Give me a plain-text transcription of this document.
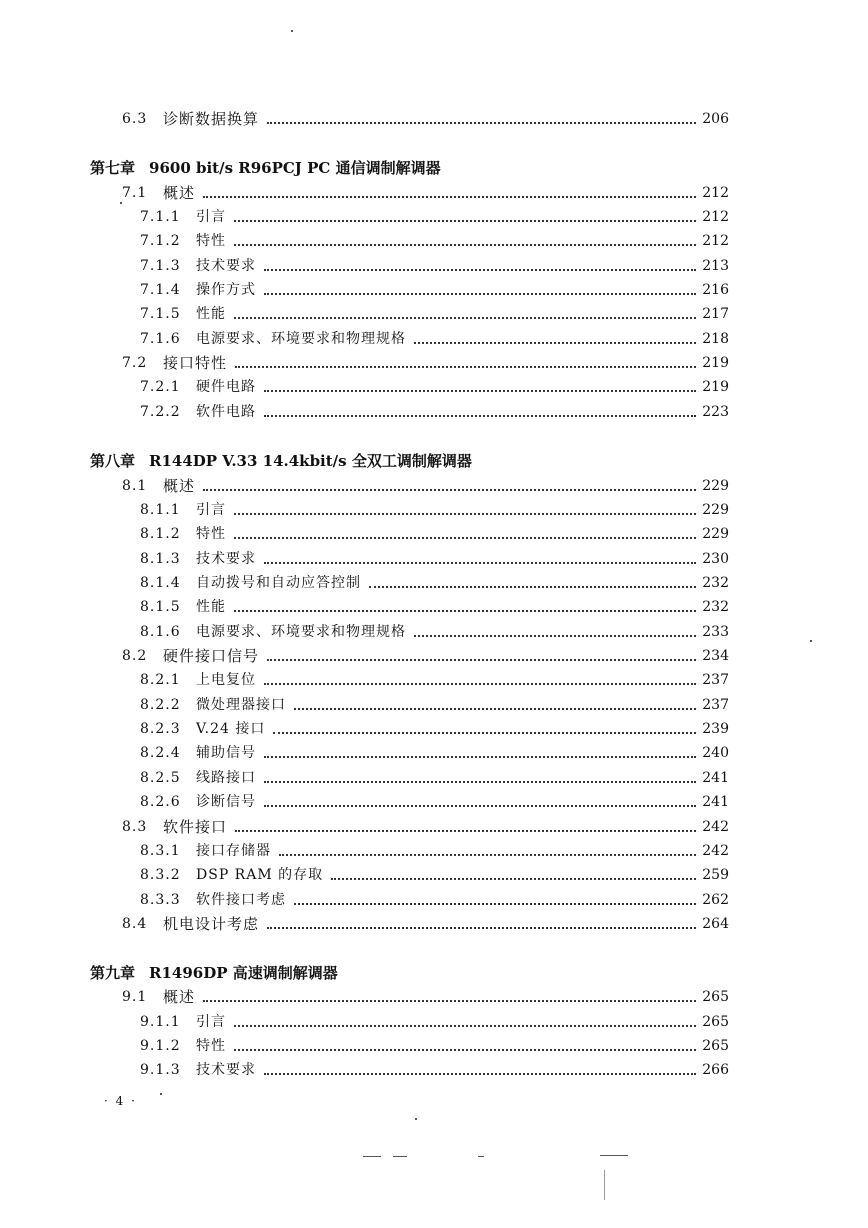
6.3 诊断数据换算	206
第七章 9600 bit/s R96PCJ PC 通信调制解调器
7.1 概述	212
7.1.1 引言	212
7.1.2 特性	212
7.1.3 技术要求	213
7.1.4 操作方式	216
7.1.5 性能	217
7.1.6 电源要求、环境要求和物理规格	218
7.2 接口特性	219
7.2.1 硬件电路	219
7.2.2 软件电路	223
第八章 R144DP V.33 14.4kbit/s 全双工调制解调器
8.1 概述	229
8.1.1 引言	229
8.1.2 特性	229
8.1.3 技术要求	230
8.1.4 自动拨号和自动应答控制	232
8.1.5 性能	232
8.1.6 电源要求、环境要求和物理规格	233
8.2 硬件接口信号	234
8.2.1 上电复位	237
8.2.2 微处理器接口	237
8.2.3 V.24 接口	239
8.2.4 辅助信号	240
8.2.5 线路接口	241
8.2.6 诊断信号	241
8.3 软件接口	242
8.3.1 接口存储器	242
8.3.2 DSP RAM 的存取	259
8.3.3 软件接口考虑	262
8.4 机电设计考虑	264
第九章 R1496DP 高速调制解调器
9.1 概述	265
9.1.1 引言	265
9.1.2 特性	265
9.1.3 技术要求	266
· 4 ·
